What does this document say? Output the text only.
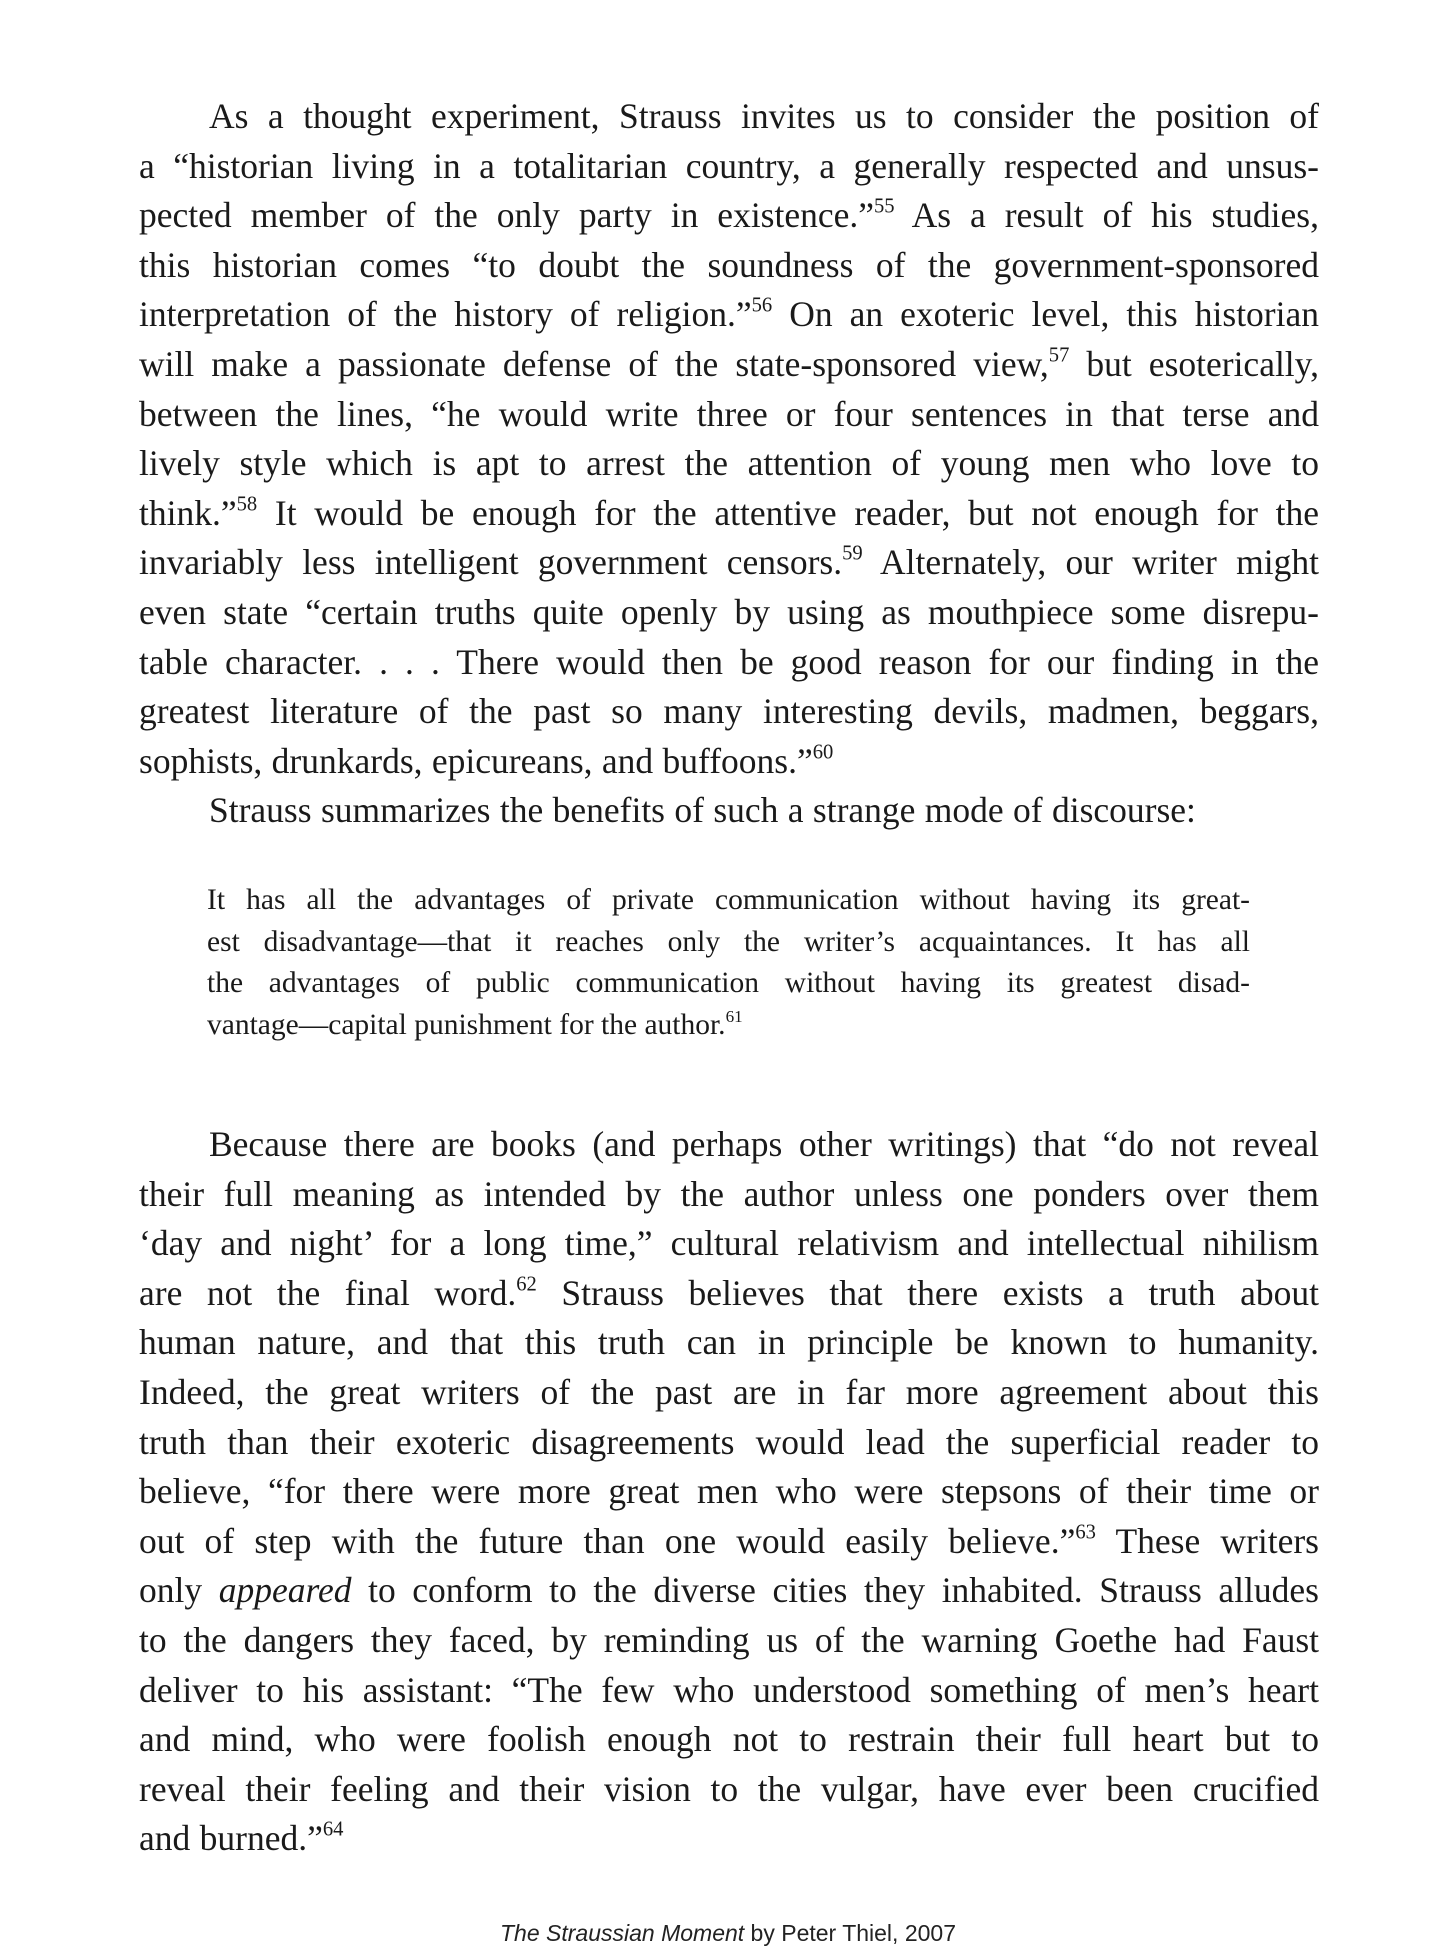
As a thought experiment, Strauss invites us to consider the position of
a “historian living in a totalitarian country, a generally respected and unsus-
pected member of the only party in existence.”$^{55}$ As a result of his studies,
this historian comes “to doubt the soundness of the government-sponsored
interpretation of the history of religion.”$^{56}$ On an exoteric level, this historian
will make a passionate defense of the state-sponsored view,$^{57}$ but esoterically,
between the lines, “he would write three or four sentences in that terse and
lively style which is apt to arrest the attention of young men who love to
think.”$^{58}$ It would be enough for the attentive reader, but not enough for the
invariably less intelligent government censors.$^{59}$ Alternately, our writer might
even state “certain truths quite openly by using as mouthpiece some disrepu-
table character. . . . There would then be good reason for our finding in the
greatest literature of the past so many interesting devils, madmen, beggars,
sophists, drunkards, epicureans, and buffoons.”$^{60}$
Strauss summarizes the benefits of such a strange mode of discourse:
It has all the advantages of private communication without having its great-
est disadvantage—that it reaches only the writer’s acquaintances. It has all
the advantages of public communication without having its greatest disad-
vantage—capital punishment for the author.$^{61}$
Because there are books (and perhaps other writings) that “do not reveal
their full meaning as intended by the author unless one ponders over them
‘day and night’ for a long time,” cultural relativism and intellectual nihilism
are not the final word.$^{62}$ Strauss believes that there exists a truth about
human nature, and that this truth can in principle be known to humanity.
Indeed, the great writers of the past are in far more agreement about this
truth than their exoteric disagreements would lead the superficial reader to
believe, “for there were more great men who were stepsons of their time or
out of step with the future than one would easily believe.”$^{63}$ These writers
only appeared to conform to the diverse cities they inhabited. Strauss alludes
to the dangers they faced, by reminding us of the warning Goethe had Faust
deliver to his assistant: “The few who understood something of men’s heart
and mind, who were foolish enough not to restrain their full heart but to
reveal their feeling and their vision to the vulgar, have ever been crucified
and burned.”$^{64}$
The Straussian Moment by Peter Thiel, 2007
